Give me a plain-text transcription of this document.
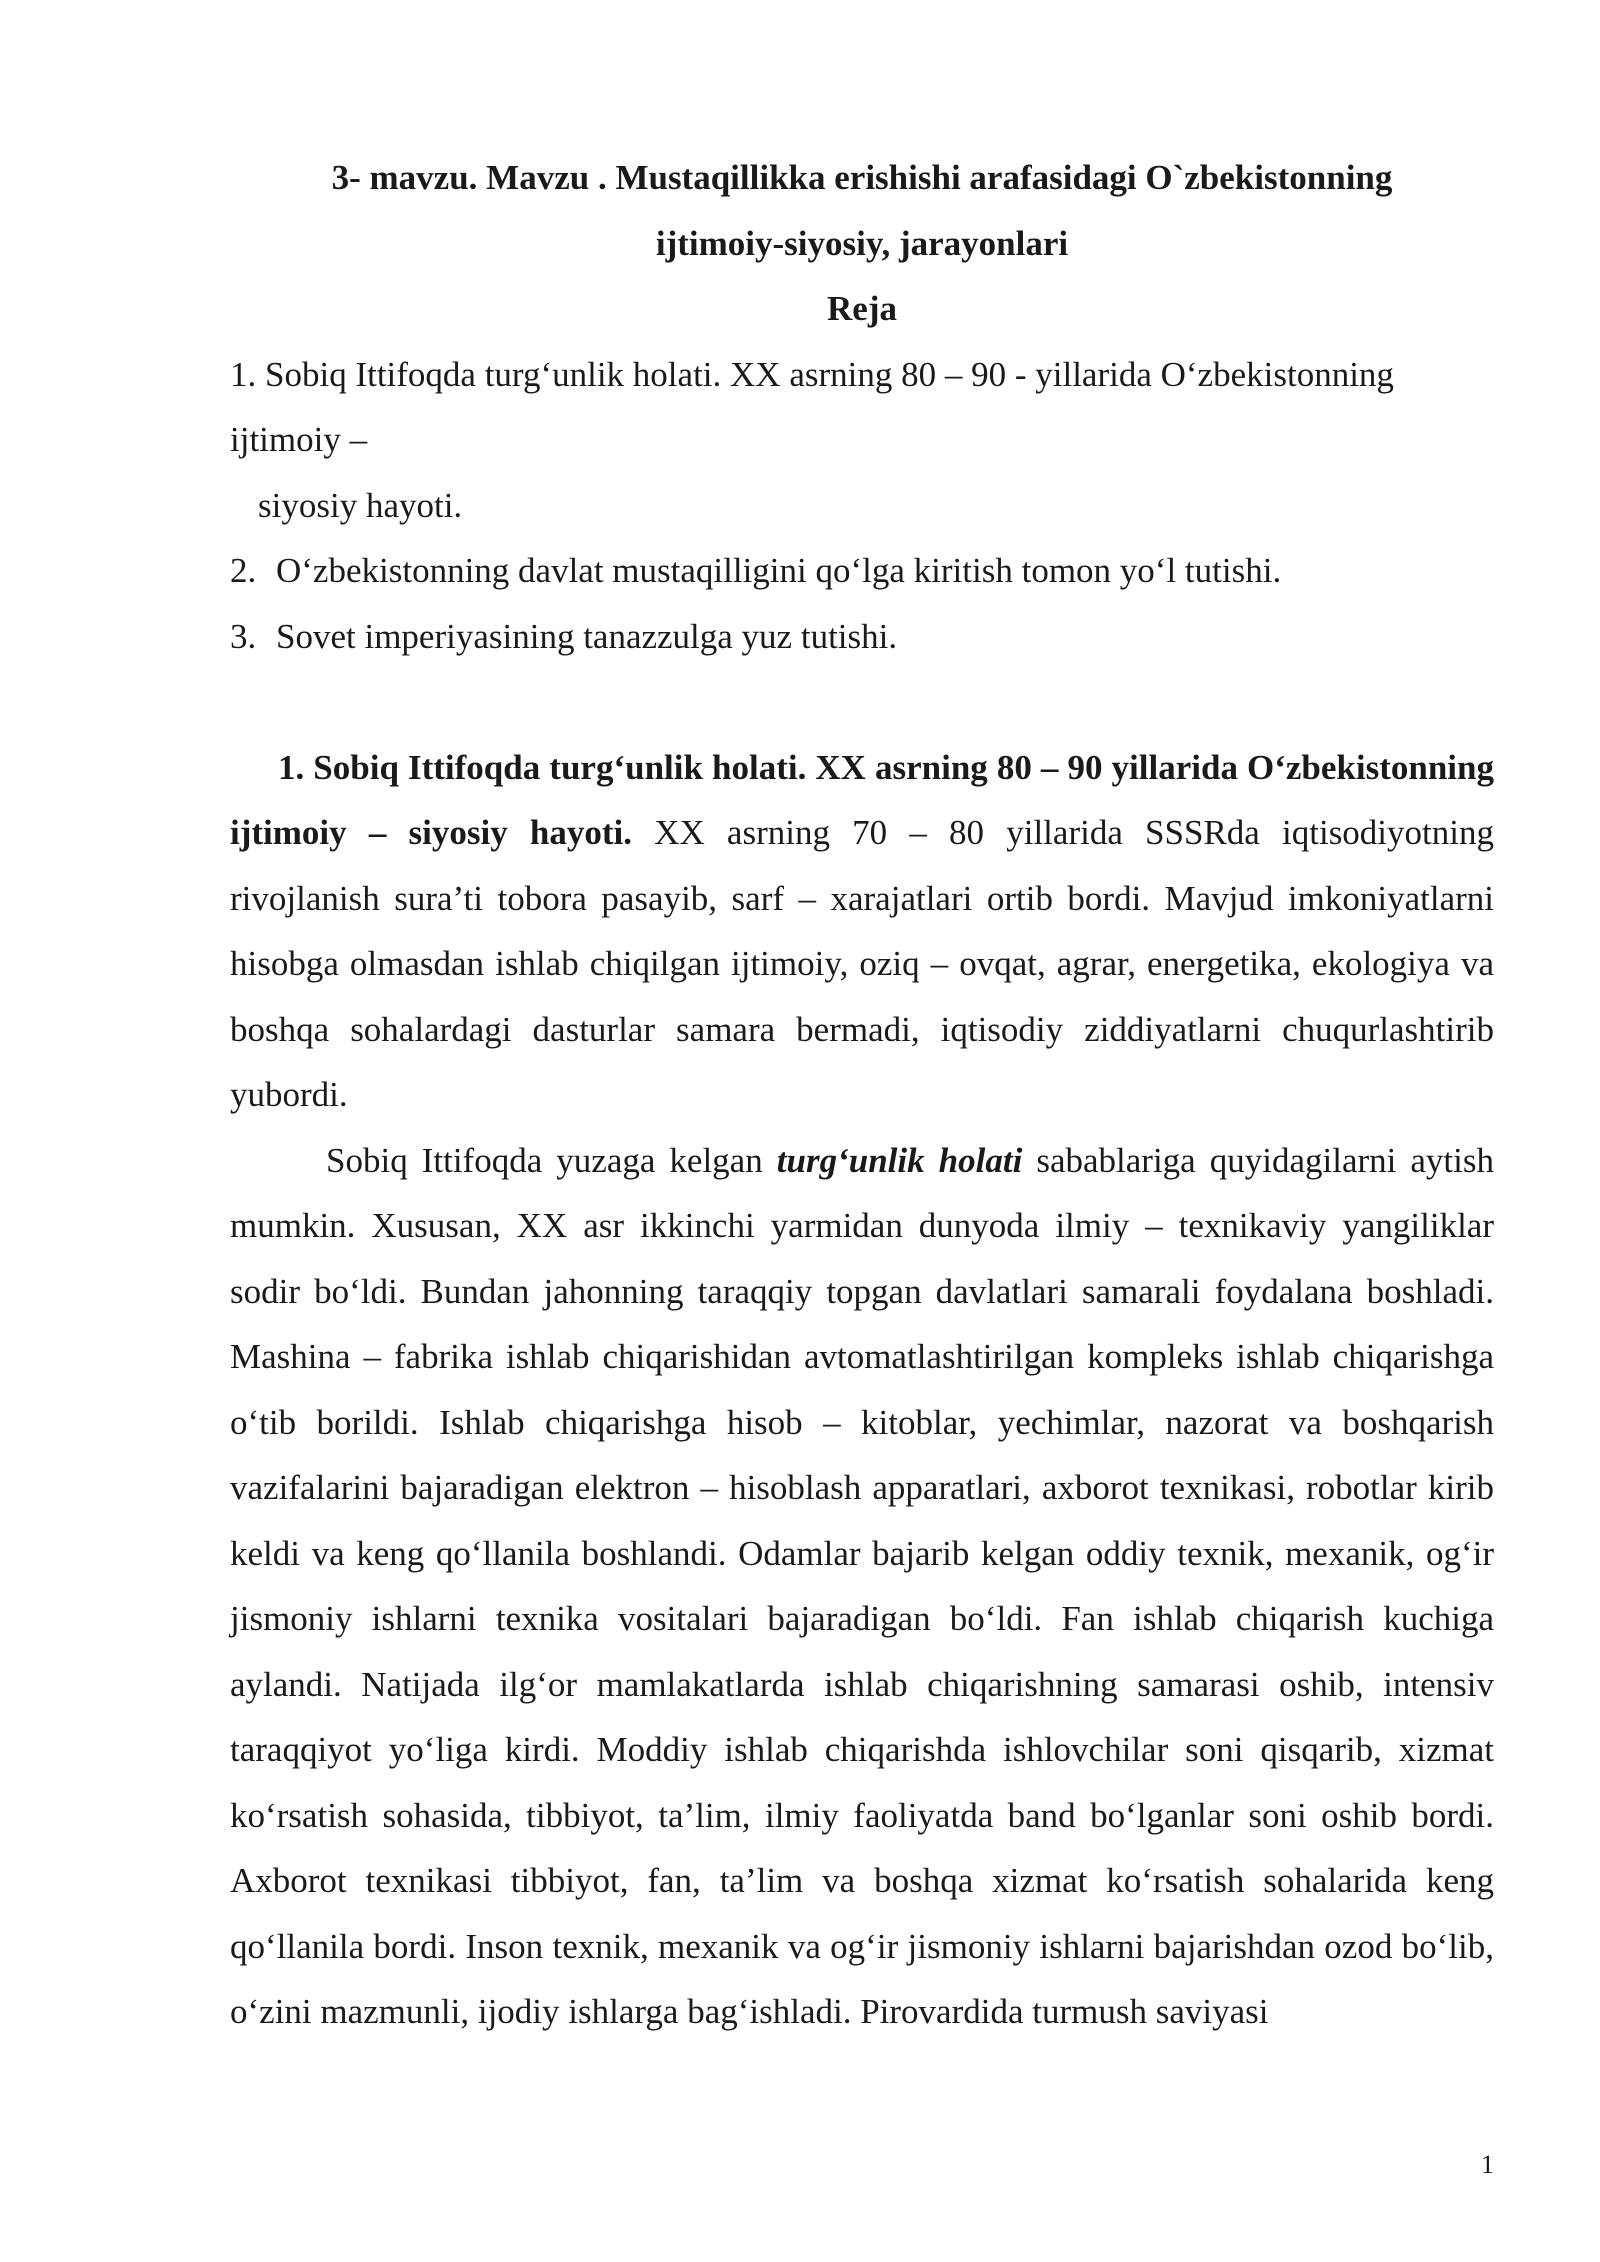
3- mavzu. Mavzu . Mustaqillikka erishishi arafasidagi O`zbekistonning

ijtimoiy-siyosiy, jarayonlari

Reja

1. Sobiq Ittifoqda turg‘unlik holati. XX asrning 80 – 90 - yillarida O‘zbekistonning

ijtimoiy –

siyosiy hayoti.

2. O‘zbekistonning davlat mustaqilligini qo‘lga kiritish tomon yo‘l tutishi.

3. Sovet imperiyasining tanazzulga yuz tutishi.

1. Sobiq Ittifoqda turg‘unlik holati. XX asrning 80 – 90 yillarida O‘zbekistonning ijtimoiy – siyosiy hayoti. XX asrning 70 – 80 yillarida SSSRda iqtisodiyotning rivojlanish sura’ti tobora pasayib, sarf – xarajatlari ortib bordi. Mavjud imkoniyatlarni hisobga olmasdan ishlab chiqilgan ijtimoiy, oziq – ovqat, agrar, energetika, ekologiya va boshqa sohalardagi dasturlar samara bermadi, iqtisodiy ziddiyatlarni chuqurlashtirib yubordi.

Sobiq Ittifoqda yuzaga kelgan turg‘unlik holati sabablariga quyidagilarni aytish mumkin. Xususan, XX asr ikkinchi yarmidan dunyoda ilmiy – texnikaviy yangiliklar sodir bo‘ldi. Bundan jahonning taraqqiy topgan davlatlari samarali foydalana boshladi. Mashina – fabrika ishlab chiqarishidan avtomatlashtirilgan kompleks ishlab chiqarishga o‘tib borildi. Ishlab chiqarishga hisob – kitoblar, yechimlar, nazorat va boshqarish vazifalarini bajaradigan elektron – hisoblash apparatlari, axborot texnikasi, robotlar kirib keldi va keng qo‘llanila boshlandi. Odamlar bajarib kelgan oddiy texnik, mexanik, og‘ir jismoniy ishlarni texnika vositalari bajaradigan bo‘ldi. Fan ishlab chiqarish kuchiga aylandi. Natijada ilg‘or mamlakatlarda ishlab chiqarishning samarasi oshib, intensiv taraqqiyot yo‘liga kirdi. Moddiy ishlab chiqarishda ishlovchilar soni qisqarib, xizmat ko‘rsatish sohasida, tibbiyot, ta’lim, ilmiy faoliyatda band bo‘lganlar soni oshib bordi. Axborot texnikasi tibbiyot, fan, ta’lim va boshqa xizmat ko‘rsatish sohalarida keng qo‘llanila bordi. Inson texnik, mexanik va og‘ir jismoniy ishlarni bajarishdan ozod bo‘lib, o‘zini mazmunli, ijodiy ishlarga bag‘ishladi. Pirovardida turmush saviyasi

1
